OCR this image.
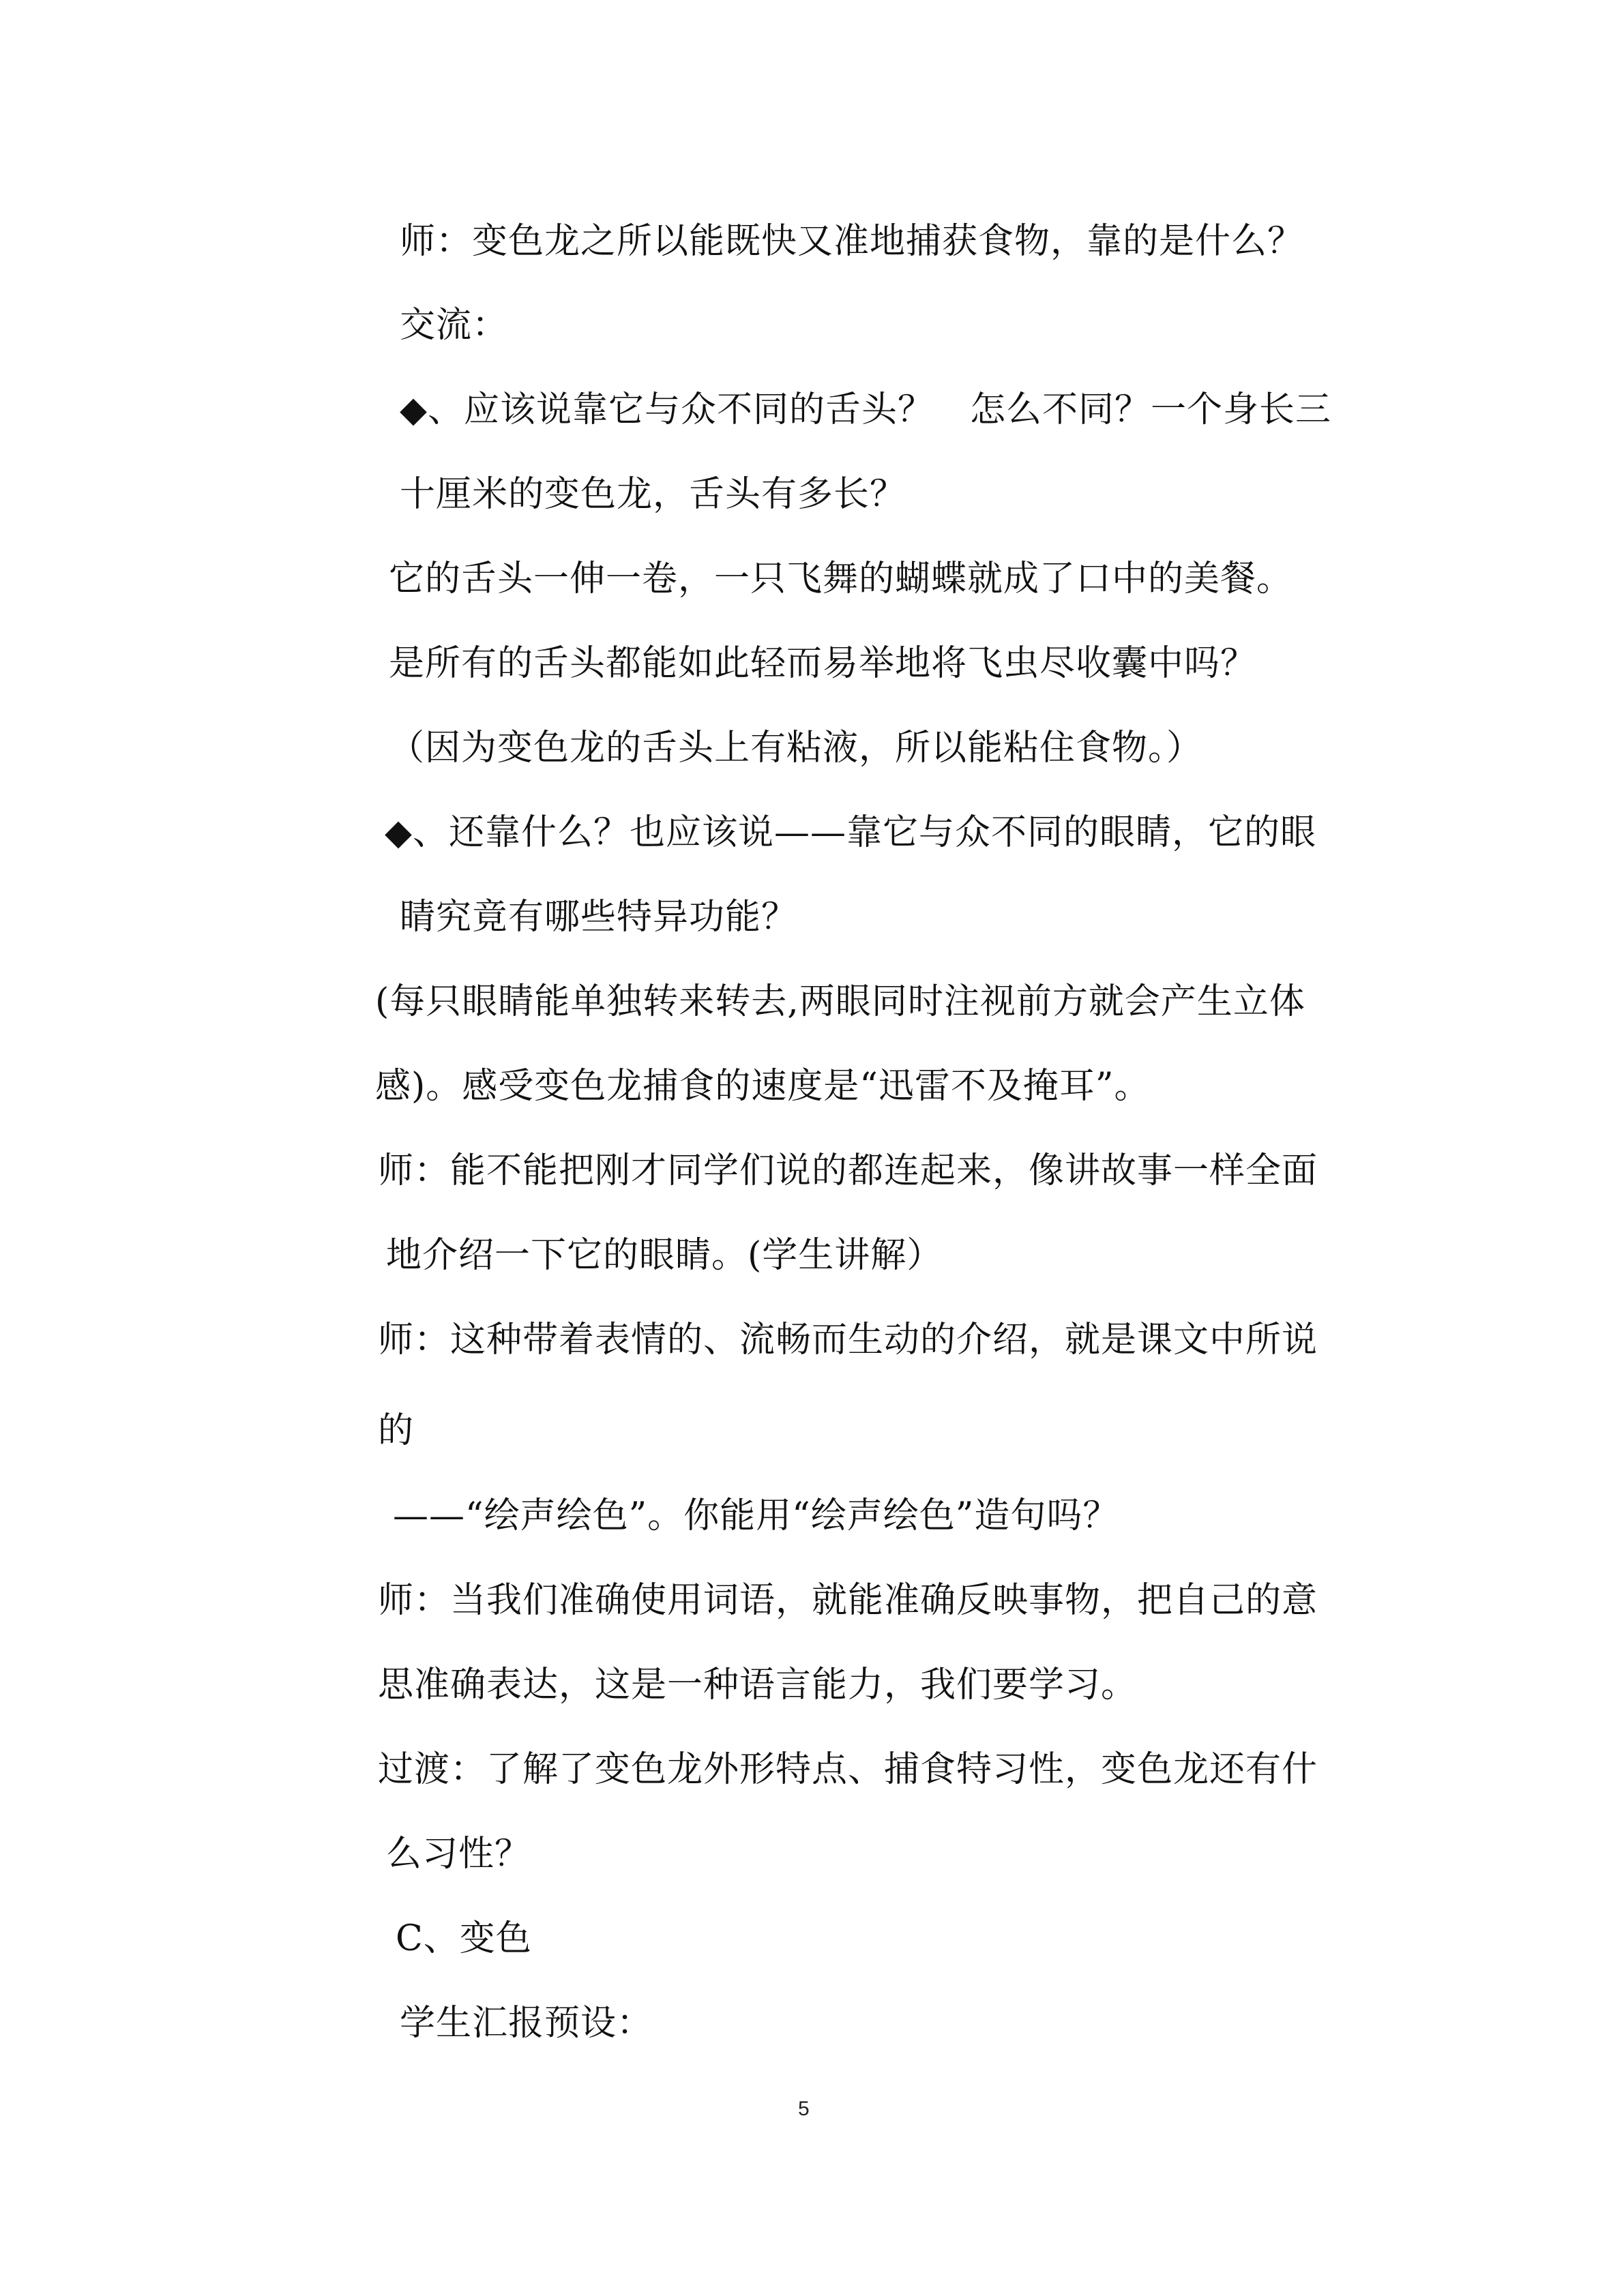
师：变色龙之所以能既快又准地捕获食物，靠的是什么？
交流：
◆、应该说靠它与众不同的舌头？　怎么不同？一个身长三
十厘米的变色龙，舌头有多长？
它的舌头一伸一卷，一只飞舞的蝴蝶就成了口中的美餐。
是所有的舌头都能如此轻而易举地将飞虫尽收囊中吗？
（因为变色龙的舌头上有粘液，所以能粘住食物。）
◆、还靠什么？也应该说——靠它与众不同的眼睛，它的眼
睛究竟有哪些特异功能？
(每只眼睛能单独转来转去,两眼同时注视前方就会产生立体
感)。感受变色龙捕食的速度是“迅雷不及掩耳”。
师：能不能把刚才同学们说的都连起来，像讲故事一样全面
地介绍一下它的眼睛。(学生讲解）
师：这种带着表情的、流畅而生动的介绍，就是课文中所说
的
——“绘声绘色”。你能用“绘声绘色”造句吗？
师：当我们准确使用词语，就能准确反映事物，把自己的意
思准确表达，这是一种语言能力，我们要学习。
过渡：了解了变色龙外形特点、捕食特习性，变色龙还有什
么习性？
C、变色
学生汇报预设：
5
